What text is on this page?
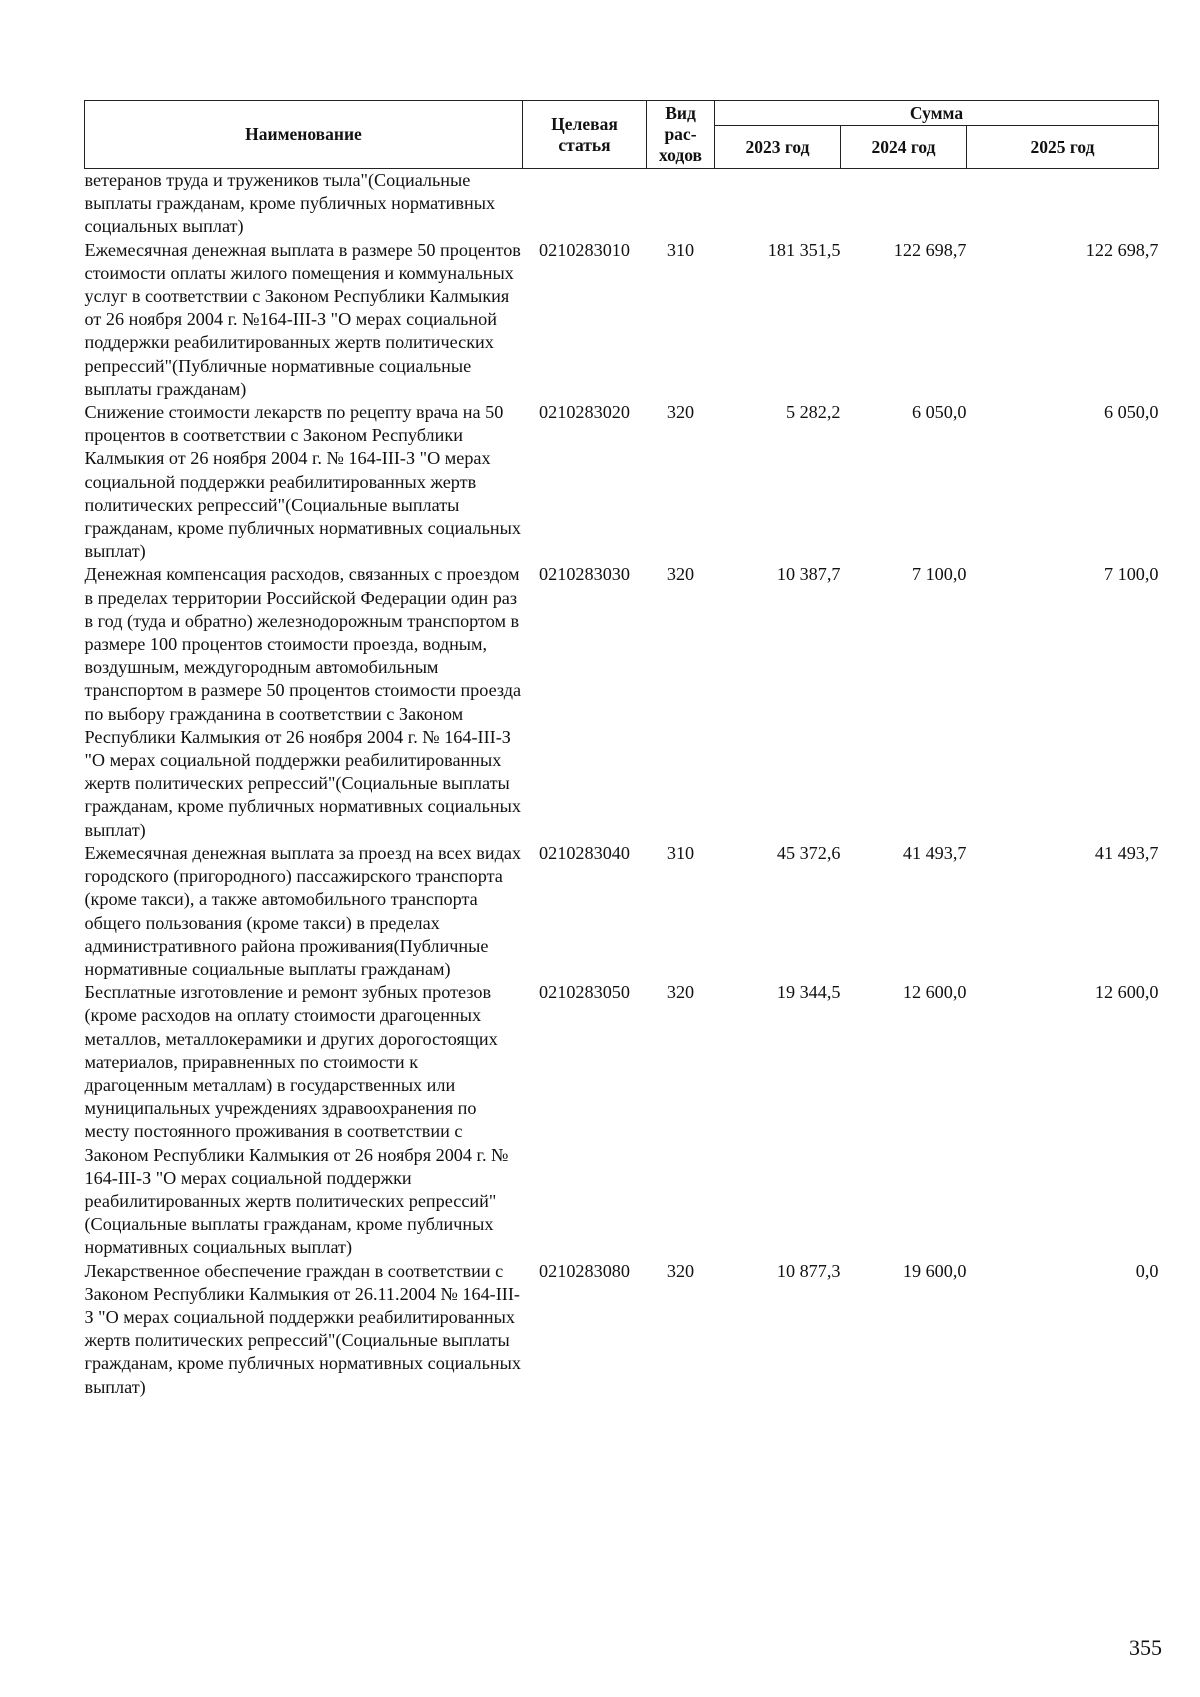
Наименование	Целевая статья	Вид рас- ходов	Сумма		
			2023 год	2024 год	2025 год
ветеранов труда и тружеников тыла"(Социальные выплаты гражданам, кроме публичных нормативных социальных выплат)					
Ежемесячная денежная выплата в размере 50 процентов стоимости оплаты жилого помещения и коммунальных услуг в соответствии с Законом Республики Калмыкия от 26 ноября 2004 г. №164-III-З "О мерах социальной поддержки реабилитированных жертв политических репрессий"(Публичные нормативные социальные выплаты гражданам)	0210283010	310	181 351,5	122 698,7	122 698,7
Снижение стоимости лекарств по рецепту врача на 50 процентов в соответствии с Законом Республики Калмыкия от 26 ноября 2004 г. № 164-III-З "О мерах социальной поддержки реабилитированных жертв политических репрессий"(Социальные выплаты гражданам, кроме публичных нормативных социальных выплат)	0210283020	320	5 282,2	6 050,0	6 050,0
Денежная компенсация расходов, связанных с проездом в пределах территории Российской Федерации один раз в год (туда и обратно) железнодорожным транспортом в размере 100 процентов стоимости проезда, водным, воздушным, междугородным автомобильным транспортом в размере 50 процентов стоимости проезда по выбору гражданина в соответствии с Законом Республики Калмыкия от 26 ноября 2004 г. № 164-III-З "О мерах социальной поддержки реабилитированных жертв политических репрессий"(Социальные выплаты гражданам, кроме публичных нормативных социальных выплат)	0210283030	320	10 387,7	7 100,0	7 100,0
Ежемесячная денежная выплата за проезд на всех видах городского (пригородного) пассажирского транспорта (кроме такси), а также автомобильного транспорта общего пользования (кроме такси) в пределах административного района проживания(Публичные нормативные социальные выплаты гражданам)	0210283040	310	45 372,6	41 493,7	41 493,7
Бесплатные изготовление и ремонт зубных протезов (кроме расходов на оплату стоимости драгоценных металлов, металлокерамики и других дорогостоящих материалов, приравненных по стоимости к драгоценным металлам) в государственных или муниципальных учреждениях здравоохранения по месту постоянного проживания в соответствии с Законом Республики Калмыкия от 26 ноября 2004 г. № 164-III-З "О мерах социальной поддержки реабилитированных жертв политических репрессий"(Социальные выплаты гражданам, кроме публичных нормативных социальных выплат)	0210283050	320	19 344,5	12 600,0	12 600,0
Лекарственное обеспечение граждан в соответствии с Законом Республики Калмыкия от 26.11.2004 № 164-III-З "О мерах социальной поддержки реабилитированных жертв политических репрессий"(Социальные выплаты гражданам, кроме публичных нормативных социальных выплат)	0210283080	320	10 877,3	19 600,0	0,0
355
